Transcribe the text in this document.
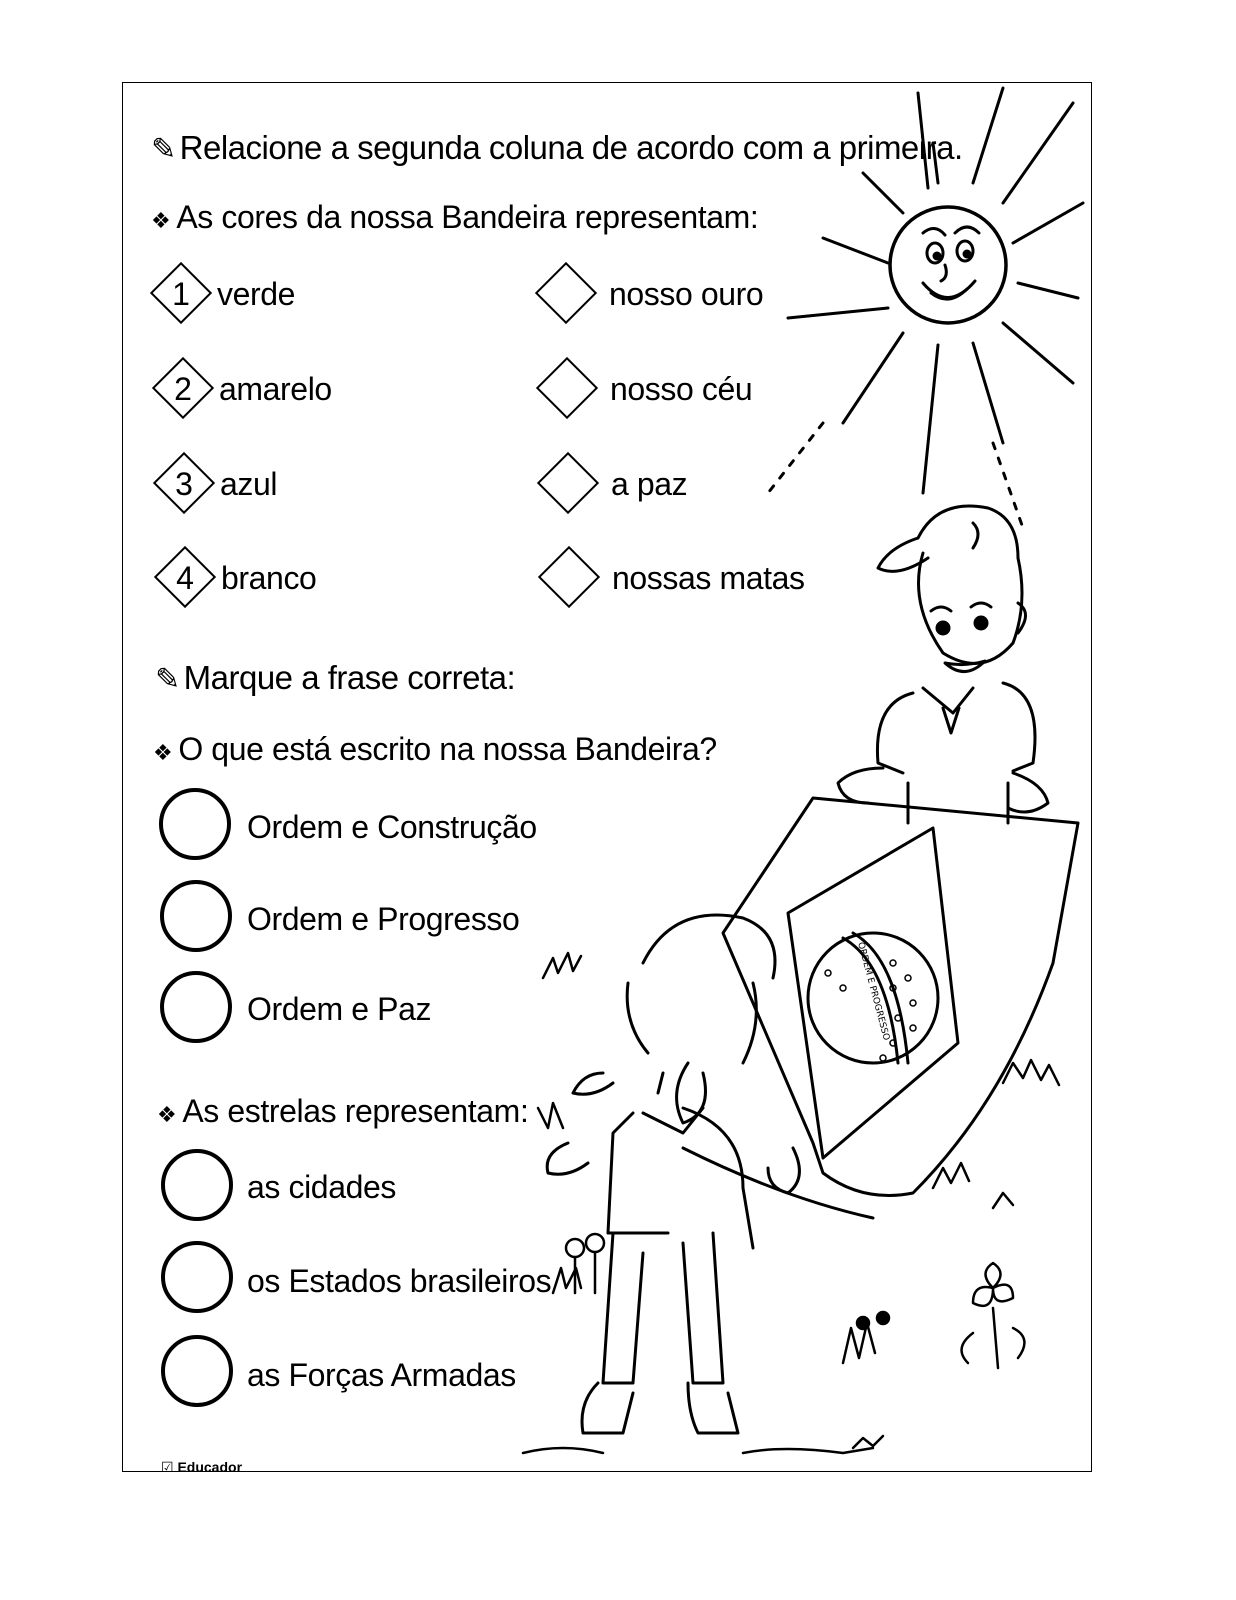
ORDEM E PROGRESSO
✎ Relacione a segunda coluna de acordo com a primeira.
❖ As cores da nossa Bandeira representam:
1 verde
2 amarelo
3 azul
4 branco
nosso ouro
nosso céu
a paz
nossas matas
✎ Marque a frase correta:
❖ O que está escrito na nossa Bandeira?
Ordem e Construção
Ordem e Progresso
Ordem e Paz
❖ As estrelas representam:
as cidades
os Estados brasileiros
as Forças Armadas
☑ Educador
